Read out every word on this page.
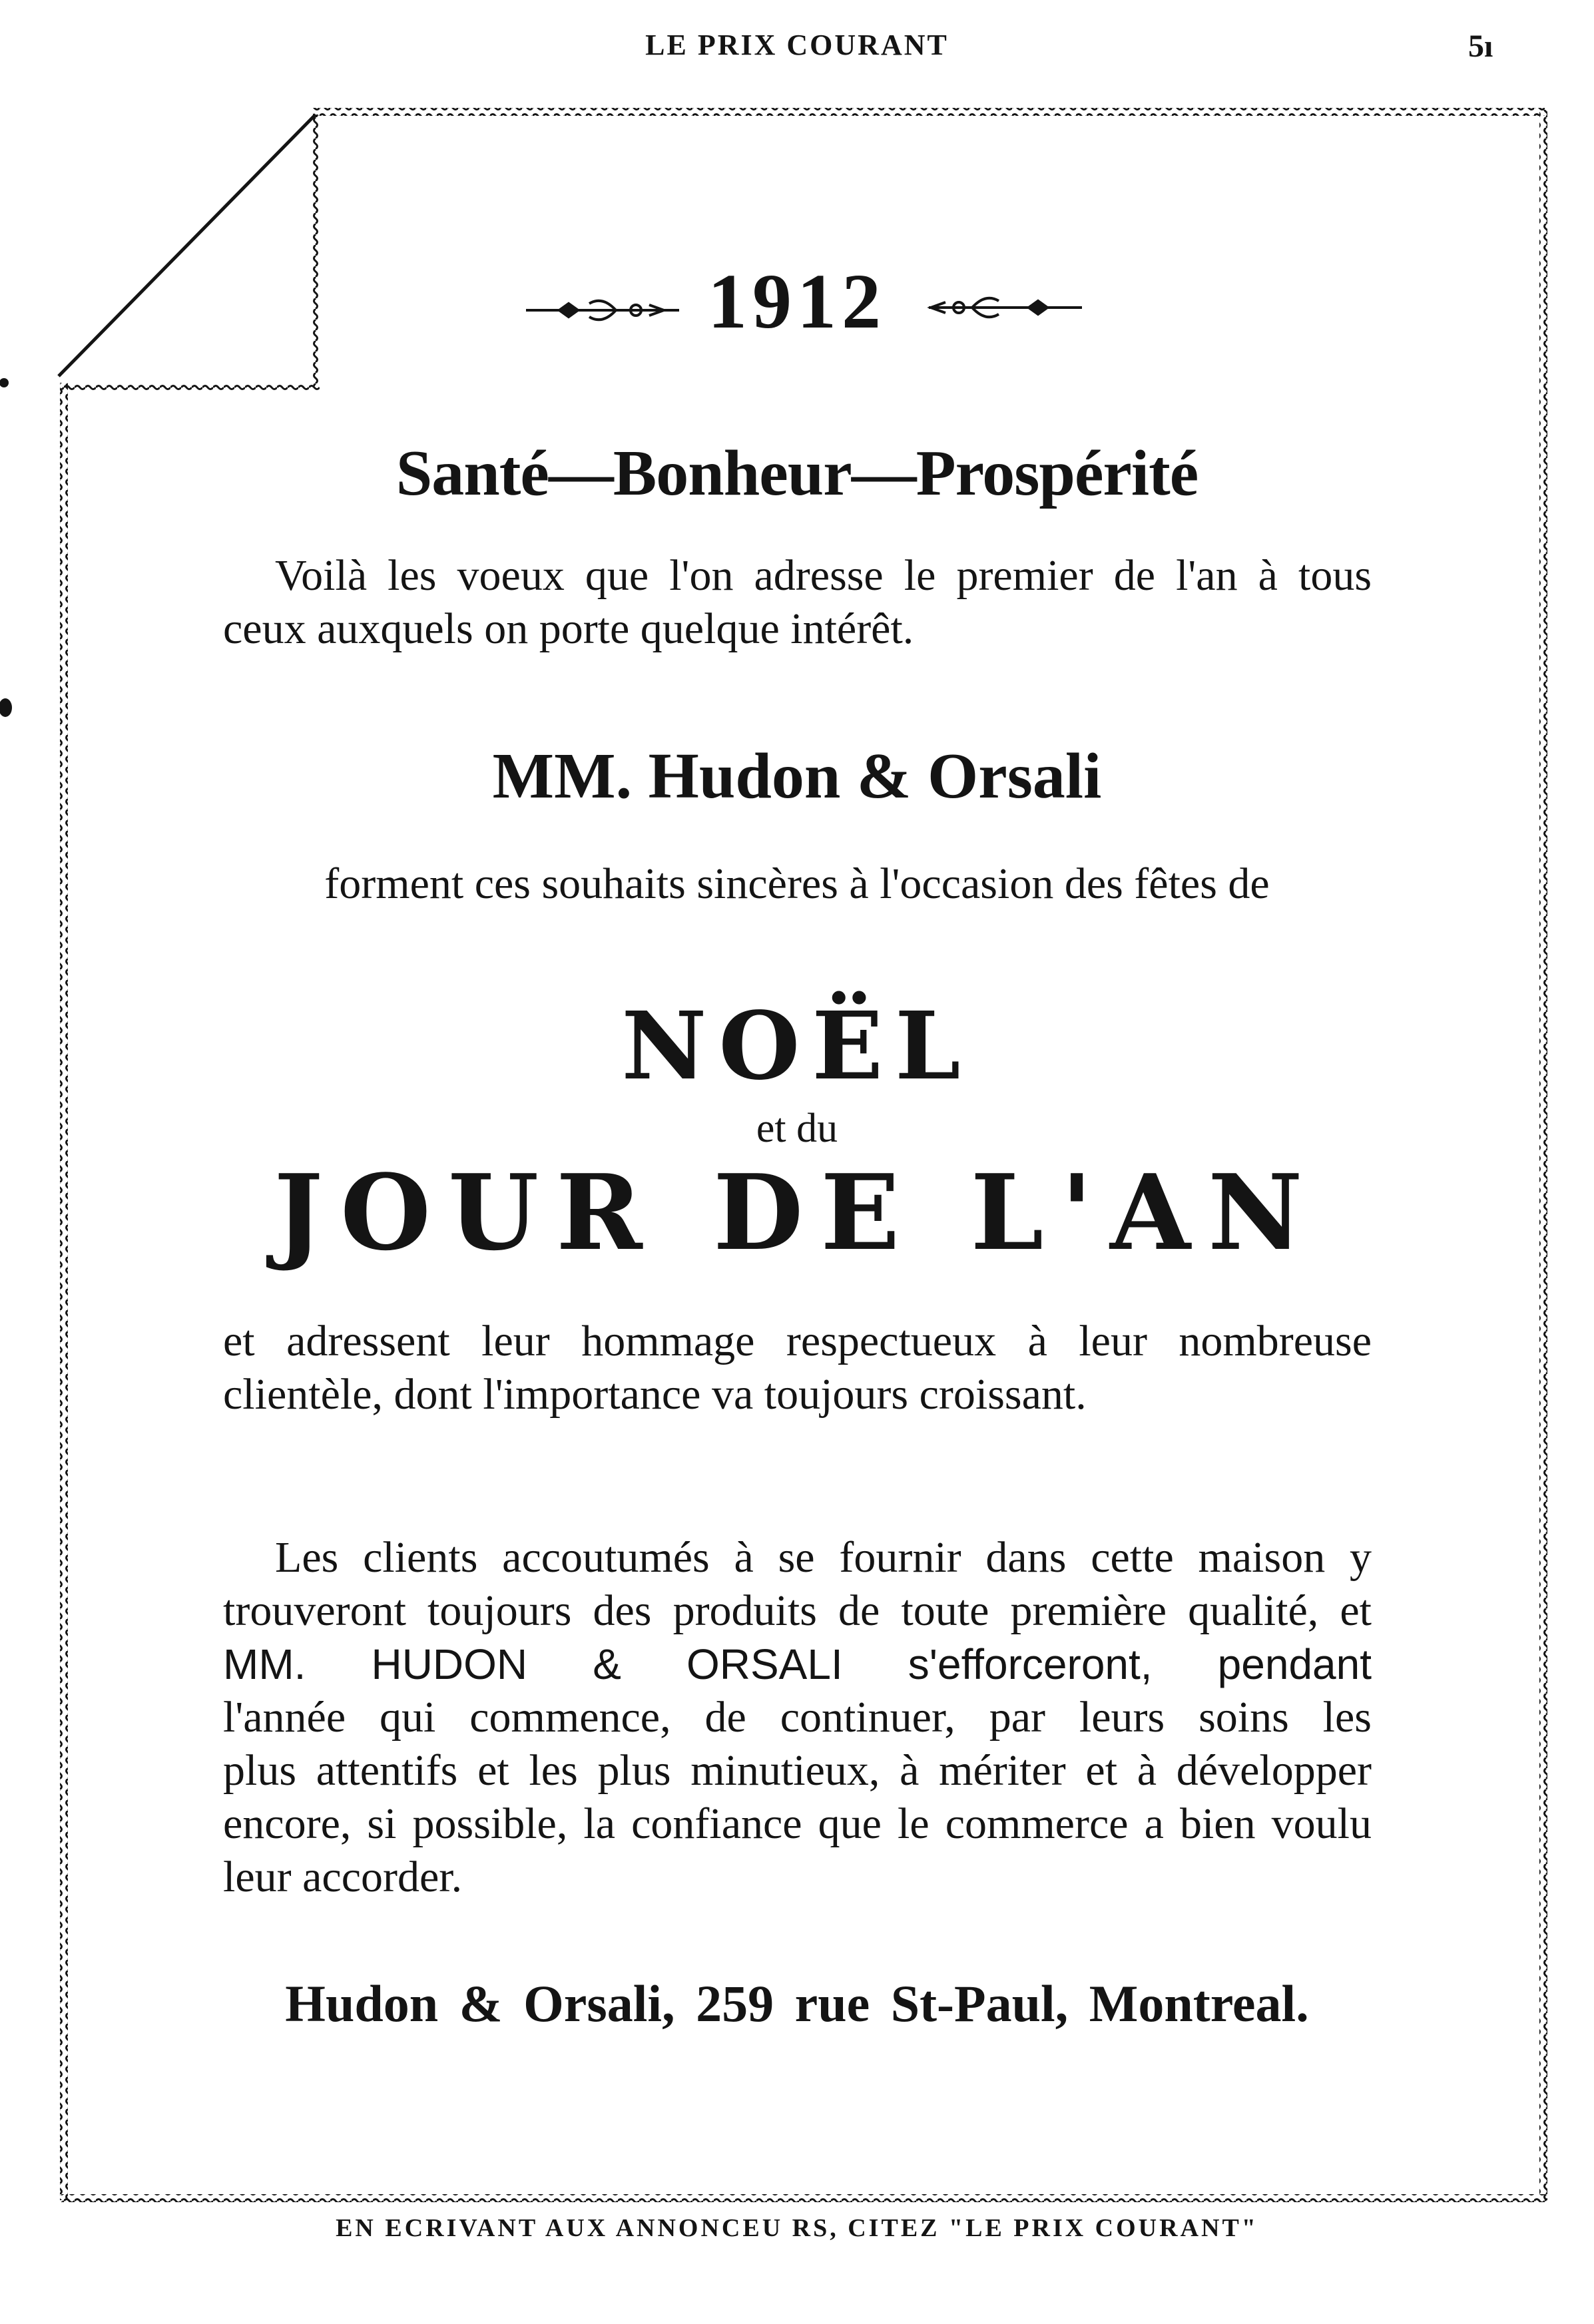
LE PRIX COURANT	5ı
1912
Santé—Bonheur—Prospérité
Voilà les voeux que l'on adresse le premier de l'an à tous
ceux auxquels on porte quelque intérêt.
MM. Hudon & Orsali
forment ces souhaits sincères à l'occasion des fêtes de
NOËL
et du
JOUR DE L'AN
et adressent leur hommage respectueux à leur nombreuse
clientèle, dont l'importance va toujours croissant.
Les clients accoutumés à se fournir dans cette maison y
trouveront toujours des produits de toute première qualité, et
MM. HUDON & ORSALI s'efforceront, pendant
l'année qui commence, de continuer, par leurs soins les
plus attentifs et les plus minutieux, à mériter et à développer
encore, si possible, la confiance que le commerce a bien voulu
leur accorder.
Hudon & Orsali, 259 rue St-Paul, Montreal.
EN ECRIVANT AUX ANNONCEU RS, CITEZ "LE PRIX COURANT"
